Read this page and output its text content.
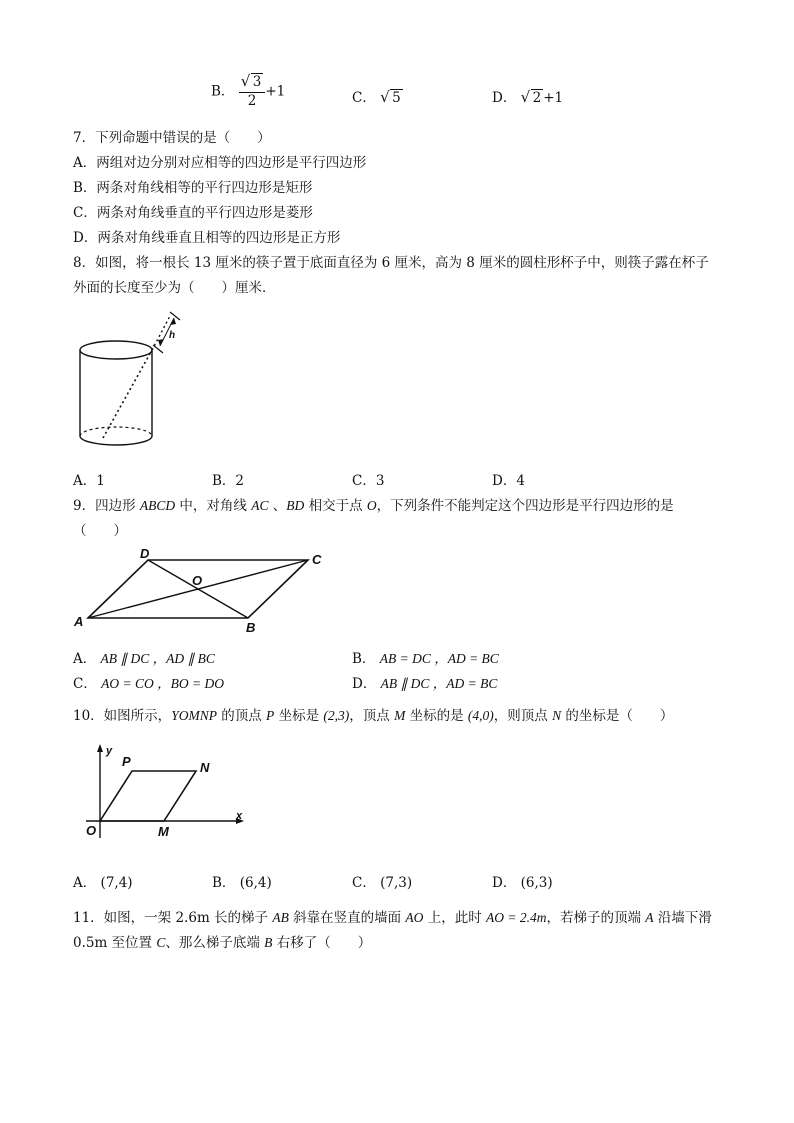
B． √ $\frac{3}{2} +1$	C． √ 5	D． √ 2 +1
7．下列命题中错误的是（　　）
A．两组对边分别对应相等的四边形是平行四边形
B．两条对角线相等的平行四边形是矩形
C．两条对角线垂直的平行四边形是菱形
D．两条对角线垂直且相等的四边形是正方形
8．如图，将一根长 13 厘米的筷子置于底面直径为 6 厘米，高为 8 厘米的圆柱形杯子中，则筷子露在杯子
外面的长度至少为（　　）厘米．
h
A．1	B．2	C．3	D．4
9．四边形 ABCD 中，对角线 AC 、BD 相交于点 O，下列条件不能判定这个四边形是平行四边形的是
（　　）
A	B
C
D
O
A． AB ∥ DC ，AD ∥ BC	B． AB = DC ，AD = BC
C． AO = CO ，BO = DO	D． AB ∥ DC ，AD = BC
10．如图所示，YOMNP 的顶点 P 坐标是 (2,3)，顶点 M 坐标的是 (4,0)，则顶点 N 的坐标是（　　）
y
x
O
P	N
M
A． (7,4)	B． (6,4)	C． (7,3)	D． (6,3)
11．如图，一架 2.6m 长的梯子 AB 斜靠在竖直的墙面 AO 上，此时 AO = 2.4m，若梯子的顶端 A 沿墙下滑
0.5m 至位置 C、那么梯子底端 B 右移了（　　）
